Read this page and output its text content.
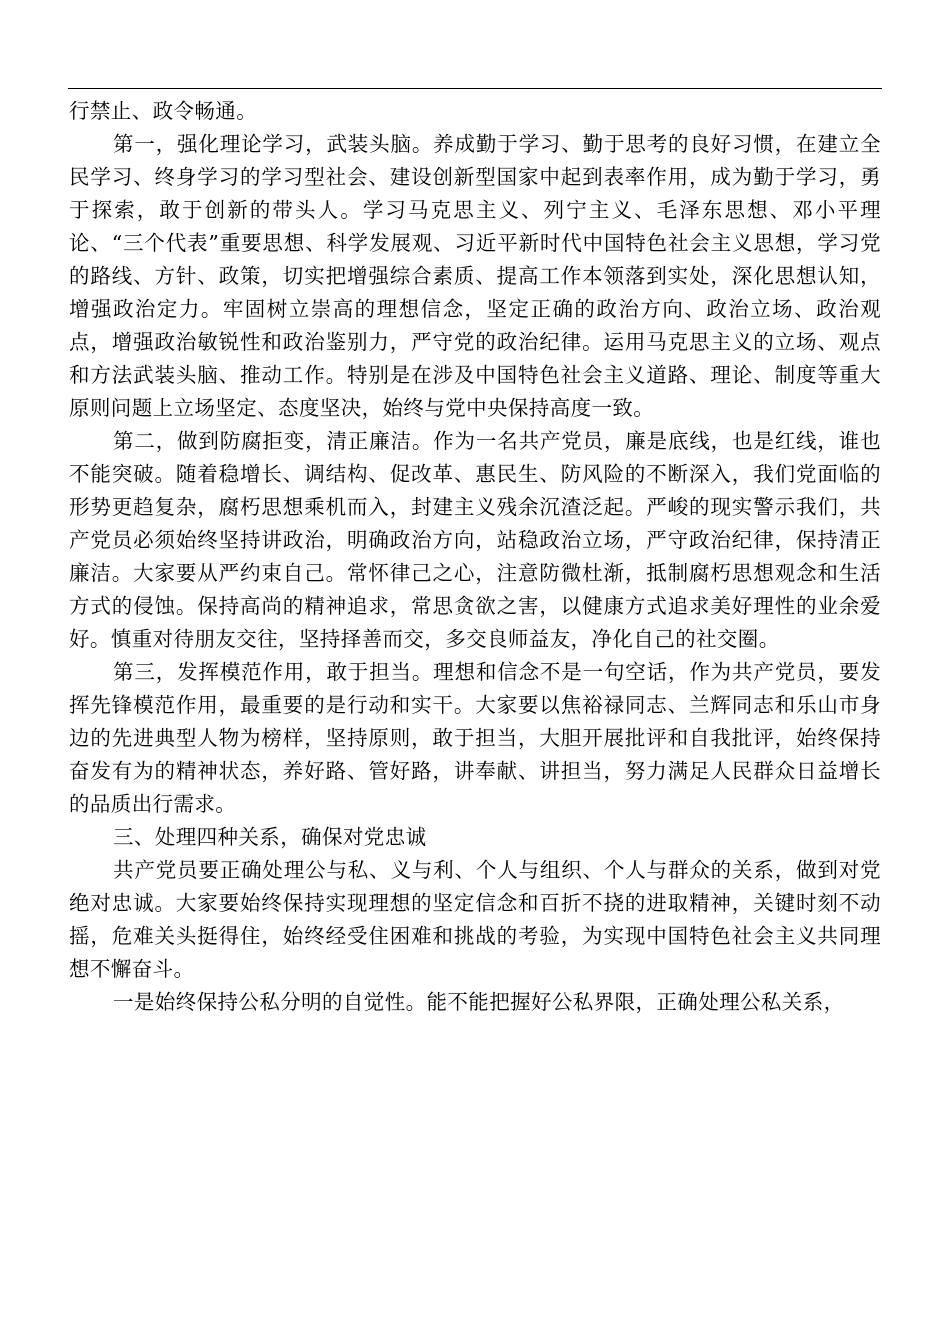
行禁止、政令畅通。

第一，强化理论学习，武装头脑。养成勤于学习、勤于思考的良好习惯，在建立全民学习、终身学习的学习型社会、建设创新型国家中起到表率作用，成为勤于学习，勇于探索，敢于创新的带头人。学习马克思主义、列宁主义、毛泽东思想、邓小平理论、“三个代表”重要思想、科学发展观、习近平新时代中国特色社会主义思想，学习党的路线、方针、政策，切实把增强综合素质、提高工作本领落到实处，深化思想认知，增强政治定力。牢固树立崇高的理想信念，坚定正确的政治方向、政治立场、政治观点，增强政治敏锐性和政治鉴别力，严守党的政治纪律。运用马克思主义的立场、观点和方法武装头脑、推动工作。特别是在涉及中国特色社会主义道路、理论、制度等重大原则问题上立场坚定、态度坚决，始终与党中央保持高度一致。

第二，做到防腐拒变，清正廉洁。作为一名共产党员，廉是底线，也是红线，谁也不能突破。随着稳增长、调结构、促改革、惠民生、防风险的不断深入，我们党面临的形势更趋复杂，腐朽思想乘机而入，封建主义残余沉渣泛起。严峻的现实警示我们，共产党员必须始终坚持讲政治，明确政治方向，站稳政治立场，严守政治纪律，保持清正廉洁。大家要从严约束自己。常怀律己之心，注意防微杜渐，抵制腐朽思想观念和生活方式的侵蚀。保持高尚的精神追求，常思贪欲之害，以健康方式追求美好理性的业余爱好。慎重对待朋友交往，坚持择善而交，多交良师益友，净化自己的社交圈。

第三，发挥模范作用，敢于担当。理想和信念不是一句空话，作为共产党员，要发挥先锋模范作用，最重要的是行动和实干。大家要以焦裕禄同志、兰辉同志和乐山市身边的先进典型人物为榜样，坚持原则，敢于担当，大胆开展批评和自我批评，始终保持奋发有为的精神状态，养好路、管好路，讲奉献、讲担当，努力满足人民群众日益增长的品质出行需求。

三、处理四种关系，确保对党忠诚

共产党员要正确处理公与私、义与利、个人与组织、个人与群众的关系，做到对党绝对忠诚。大家要始终保持实现理想的坚定信念和百折不挠的进取精神，关键时刻不动摇，危难关头挺得住，始终经受住困难和挑战的考验，为实现中国特色社会主义共同理想不懈奋斗。

一是始终保持公私分明的自觉性。能不能把握好公私界限，正确处理公私关系，
